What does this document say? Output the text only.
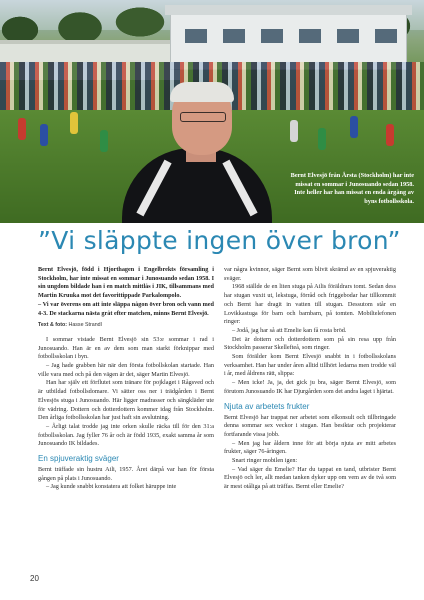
Bernt Elvesjö från Årsta (Stockholm) har inte missat en sommar i Junosuando sedan 1958. Inte heller har han missat en enda årgång av byns fotbollsskola.
”Vi släppte ingen över bron”

Bernt Elvesjö, född i Hjorthagen i Engelbrekts församling i Stockholm, har inte missat en sommar i Junosuando sedan 1958. I sin ungdom bildade han i en match mittlås i JIK, tillsammans med Martin Kruuka mot det favorittippade Parkalompolo.

– Vi var överens om att inte släppa någon över bron och vann med 4-3. De stackarna nästa gråt efter matchen, minns Bernt Elvesjö.

Text & foto: Hasse Strandl

I sommar vistade Bernt Elvesjö sin 53:e sommar i rad i Junosuando. Han är en av dem som man starkt förknippar med fotbollsskolan i byn.

– Jag hade grabben här när den första fotbollskolan startade. Han ville vara med och på den vägen är det, säger Martin Elvesjö.

Han har själv ett förflutet som tränare för pojklaget i Rågsved och är utbildad fotbollsdomare. Vi sätter oss ner i trädgården i Bernt Elvesjös stuga i Junosuando. Här ligger madrasser och sängkläder ute för vädring. Dottern och dotterdottern kommer idag från Stockholm. Den årliga fotbollsskolan har just haft sin avslutning.

– Årligt talat trodde jag inte orken skulle räcka till för den 31:a fotbollsskolan. Jag fyller 76 år och är född 1935, exakt samma år som Junosuando IK bildades.

En spjuveraktig sväger

Bernt träffade sin hustru Aili, 1957. Året därpå var han för första gången på plats i Junosuando.

– Jag kunde snabbt konstatera att folket häruppe inte

var några kvinnor, säger Bernt som blivit skrämd av en spjuveraktig sväger.

1968 ställde de en liten stuga på Ailis föräldrars tomt. Sedan dess har stugan vuxit ut, lekstuga, förråd och friggebodar har tillkommit och Bernt har dragit in vatten till stugan. Dessutom står en Lovikkastuga för barn och barnbarn, på tomten. Mobiltelefonen ringer:

– Jodå, jag har så att Emelie kan få rosta bröd.

Det är dottern och dotterdottern som på sin resa upp från Stockholm passerar Skellefteå, som ringer.

Som förälder kom Bernt Elvesjö snabbt in i fotbollsskolans verksamhet. Han har under åren alltid tillhört ledarna men trodde väl i år, med åldrens rätt, slippa:

– Men icke! Ja, ja, det gick ju bra, säger Bernt Elvesjö, som förutom Junosuando IK har Djurgården som det andra laget i hjärtat.

Njuta av arbetets frukter

Bernt Elvesjö har trappat ner arbetet som elkonsult och tillbringade denna sommar sex veckor i stugan. Han besiktar och projekterar fortfarande vissa jobb.

– Men jag har åldern inne för att börja njuta av mitt arbetes frukter, säger 76-åringen.

Snart ringer mobilen igen:

– Vad säger du Emelie? Har du tappat en tand, utbrister Bernt Elvesjö och ler, allt medan tanken dyker upp om vem av de två som är mest otåliga på att träffas. Bernt eller Emelie?

20
